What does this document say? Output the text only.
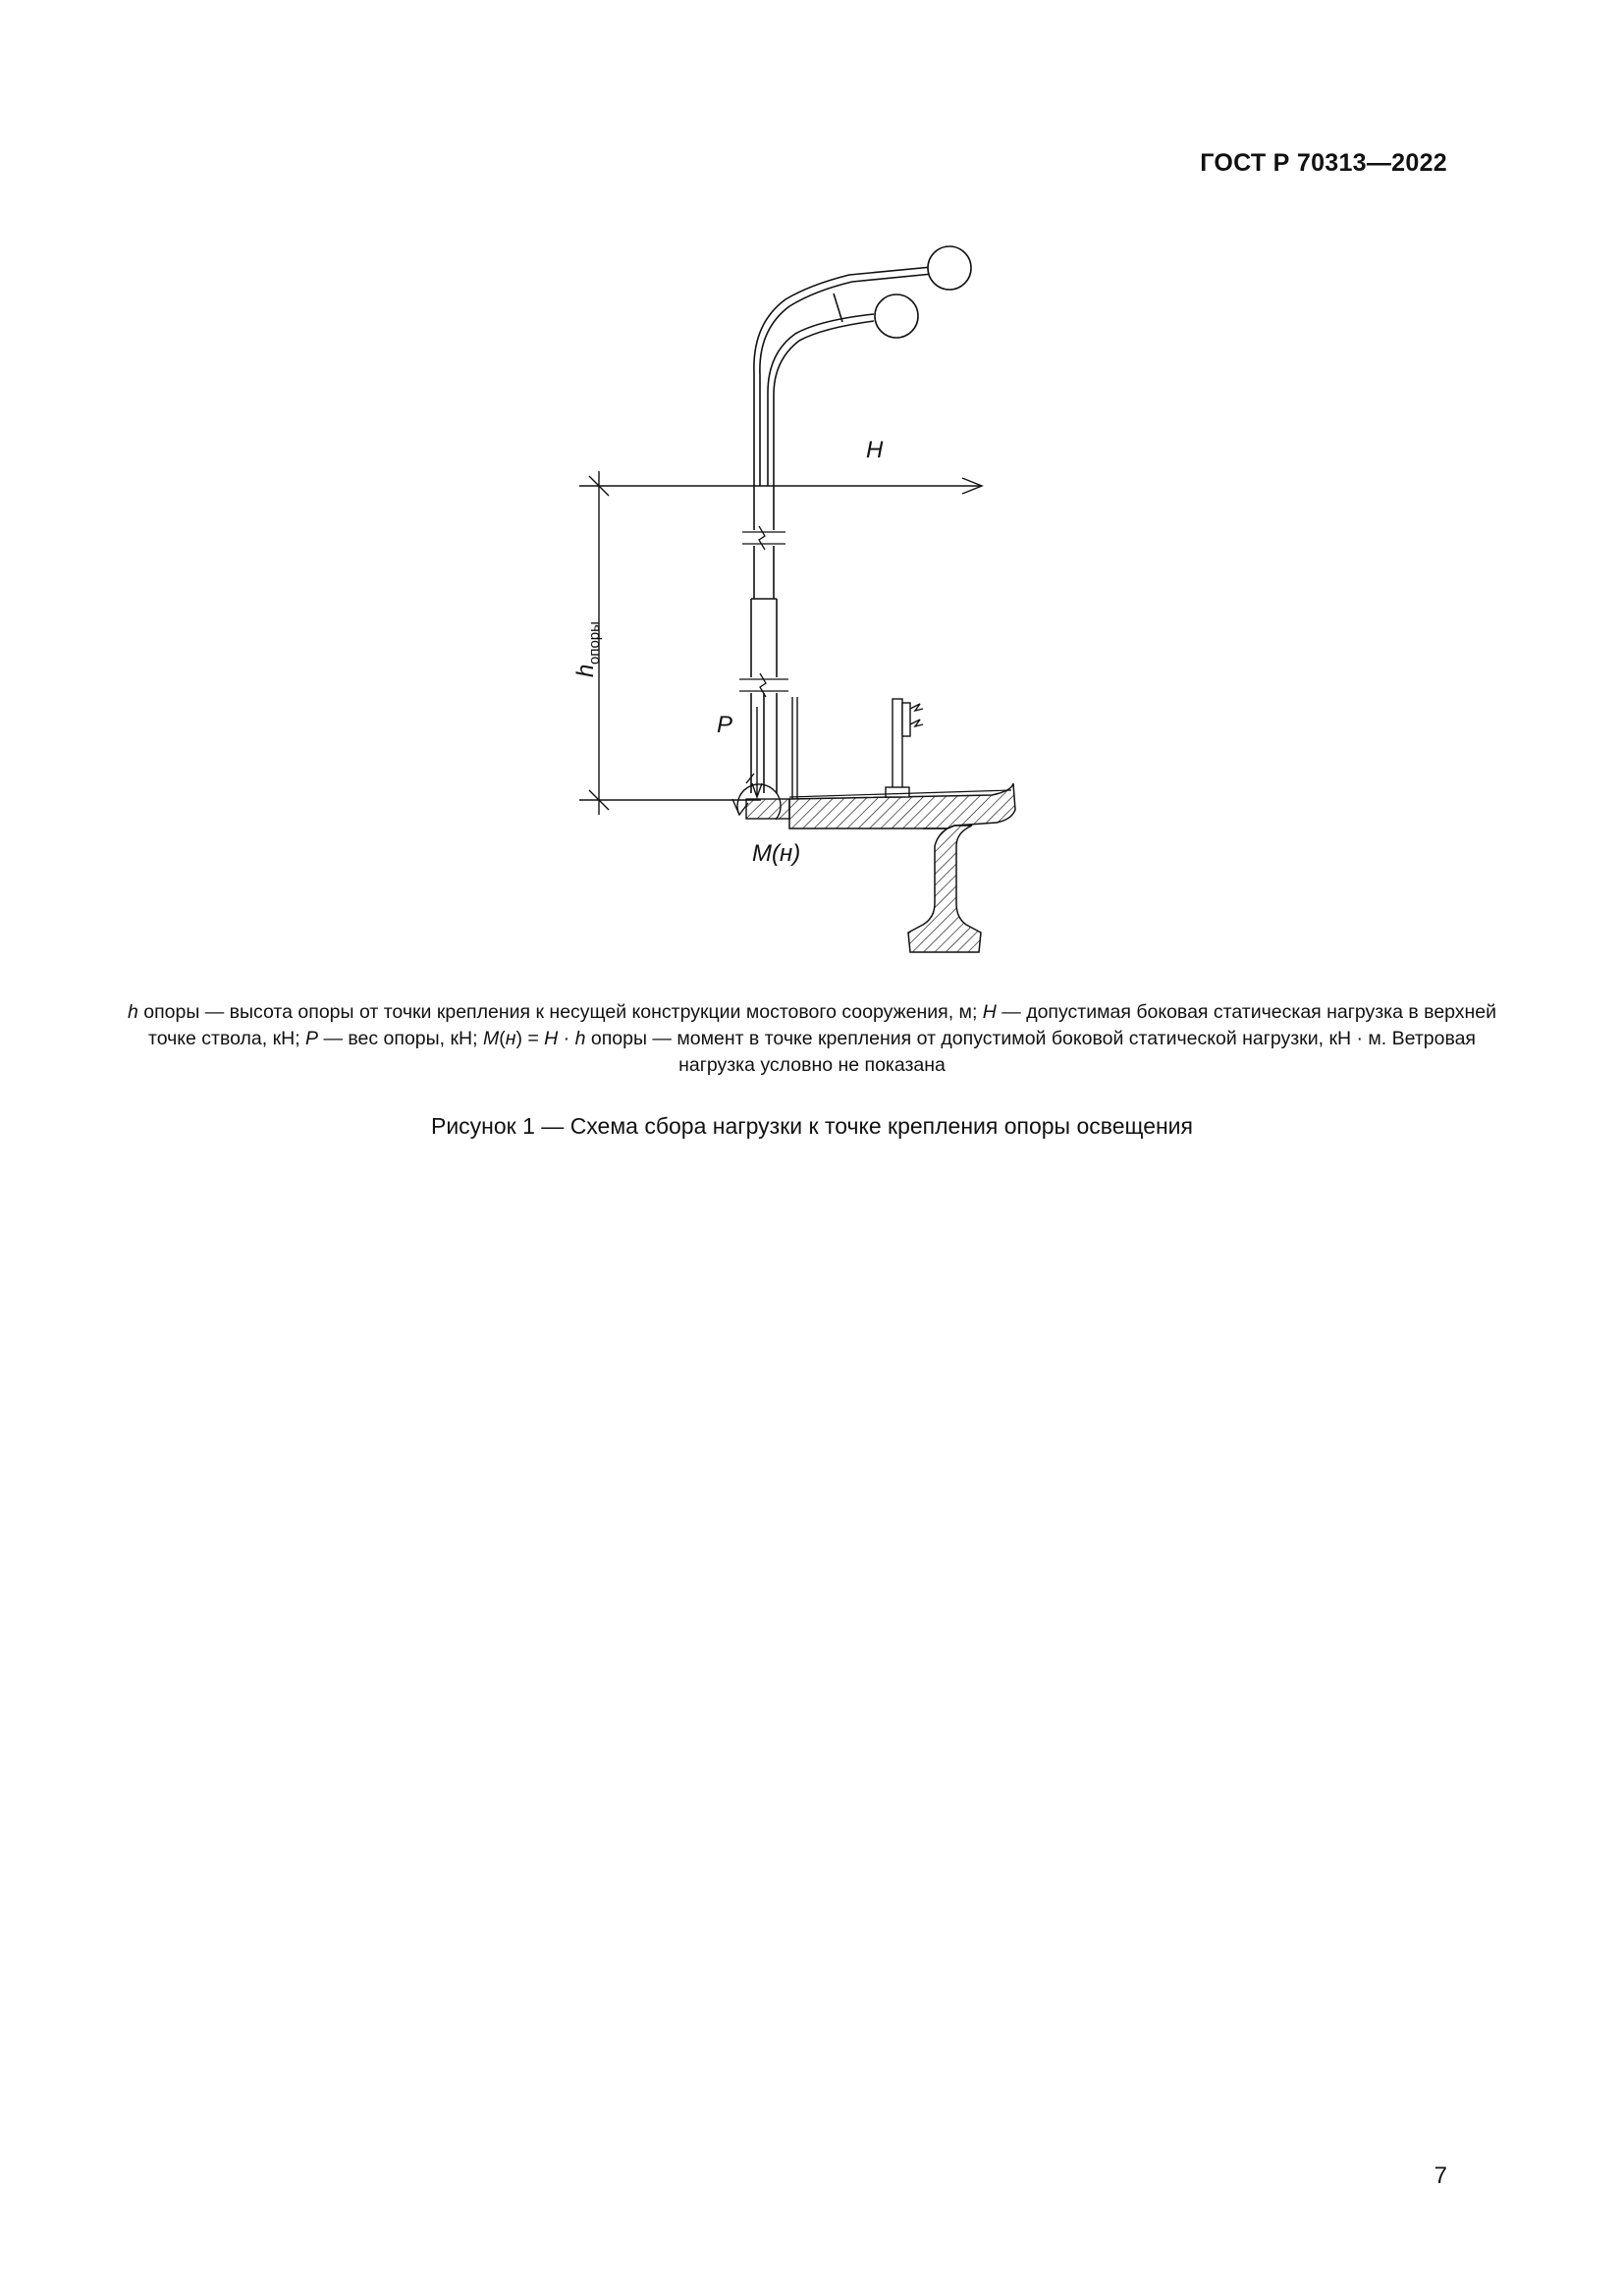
ГОСТ Р 70313—2022
H
h
опоры
P
М(н)
h опоры — высота опоры от точки крепления к несущей конструкции мостового сооружения, м; H — допустимая боковая статическая нагрузка в верхней точке ствола, кН; P — вес опоры, кН; M(н) = H · h опоры — момент в точке крепления от допустимой боковой статической нагрузки, кН · м. Ветровая нагрузка условно не показана
Рисунок 1 — Схема сбора нагрузки к точке крепления опоры освещения
7
